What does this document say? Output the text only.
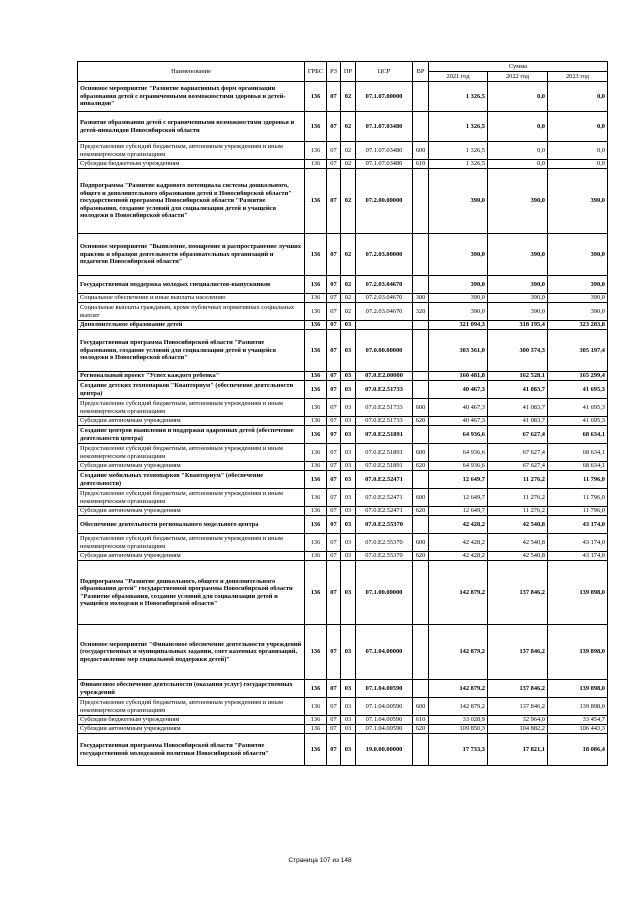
Наименование	ГРБС	РЗ	ПР	ЦСР	ВР	Сумма		
						2021 год	2022 год	2023 год
Основное мероприятие "Развитие вариативных форм организации образования детей с ограниченными возможностями здоровья и детей-инвалидов"	136	07	02	07.1.07.00000		1 326,5	0,0	0,0
Развитие образования детей с ограниченными возможностями здоровья и детей-инвалидов Новосибирской области	136	07	02	07.1.07.03480		1 326,5	0,0	0,0
Предоставление субсидий бюджетным, автономным учреждениям и иным некоммерческим организациям	136	07	02	07.1.07.03480	600	1 326,5	0,0	0,0
Субсидии бюджетным учреждениям	136	07	02	07.1.07.03480	610	1 326,5	0,0	0,0
Подпрограмма "Развитие кадрового потенциала системы дошкольного, общего и дополнительного образования детей в Новосибирской области" государственной программы Новосибирской области "Развитие образования, создание условий для социализации детей и учащейся молодежи в Новосибирской области"	136	07	02	07.2.00.00000		390,0	390,0	390,0
Основное мероприятие "Выявление, поощрение и распространение лучших практик и образцов деятельности образовательных организаций и педагогов Новосибирской области"	136	07	02	07.2.03.00000		390,0	390,0	390,0
Государственная поддержка молодых специалистов-выпускников	136	07	02	07.2.03.04670		390,0	390,0	390,0
Социальное обеспечение и иные выплаты населению	136	07	02	07.2.03.04670	300	390,0	390,0	390,0
Социальные выплаты гражданам, кроме публичных нормативных социальных выплат	136	07	02	07.2.03.04670	320	390,0	390,0	390,0
Дополнительное образование детей	136	07	03			321 094,3	318 195,4	323 283,8
Государственная программа Новосибирской области "Развитие образования, создание условий для социализации детей и учащейся молодежи в Новосибирской области"	136	07	03	07.0.00.00000		303 361,0	300 374,3	305 197,4
Региональный проект "Успех каждого ребенка"	136	07	03	07.0.E2.00000		160 481,8	162 528,1	165 299,4
Создание детских технопарков "Кванториум" (обеспечение деятельности центра)	136	07	03	07.0.E2.51733		40 467,3	41 083,7	41 695,3
Предоставление субсидий бюджетным, автономным учреждениям и иным некоммерческим организациям	136	07	03	07.0.E2.51733	600	40 467,3	41 083,7	41 695,3
Субсидии автономным учреждениям	136	07	03	07.0.E2.51733	620	40 467,3	41 083,7	41 695,3
Создание центров выявления и поддержки одаренных детей (обеспечение деятельности центра)	136	07	03	07.0.E2.51891		64 936,6	67 627,4	68 634,1
Предоставление субсидий бюджетным, автономным учреждениям и иным некоммерческим организациям	136	07	03	07.0.E2.51891	600	64 936,6	67 627,4	68 634,1
Субсидии автономным учреждениям	136	07	03	07.0.E2.51891	620	64 936,6	67 627,4	68 634,1
Создание мобильных технопарков "Кванториум" (обеспечение деятельности)	136	07	03	07.0.E2.52471		12 649,7	11 276,2	11 796,0
Предоставление субсидий бюджетным, автономным учреждениям и иным некоммерческим организациям	136	07	03	07.0.E2.52471	600	12 649,7	11 276,2	11 796,0
Субсидии автономным учреждениям	136	07	03	07.0.E2.52471	620	12 649,7	11 276,2	11 796,0
Обеспечение деятельности регионального модельного центра	136	07	03	07.0.E2.55370		42 428,2	42 540,8	43 174,0
Предоставление субсидий бюджетным, автономным учреждениям и иным некоммерческим организациям	136	07	03	07.0.E2.55370	600	42 428,2	42 540,8	43 174,0
Субсидии автономным учреждениям	136	07	03	07.0.E2.55370	620	42 428,2	42 540,8	43 174,0
Подпрограмма "Развитие дошкольного, общего и дополнительного образования детей" государственной программы Новосибирской области "Развитие образования, создание условий для социализации детей и учащейся молодежи в Новосибирской области"	136	07	03	07.1.00.00000		142 879,2	137 846,2	139 898,0
Основное мероприятие "Финансовое обеспечение деятельности учреждений (государственных и муниципальных задании, смет казенных организаций, предоставление мер социальной поддержки детей)"	136	07	03	07.1.04.00000		142 879,2	137 846,2	139 898,0
Финансовое обеспечение деятельности (оказания услуг) государственных учреждений	136	07	03	07.1.04.00590		142 879,2	137 846,2	139 898,0
Предоставление субсидий бюджетным, автономным учреждениям и иным некоммерческим организациям	136	07	03	07.1.04.00590	600	142 879,2	137 846,2	139 898,0
Субсидии бюджетным учреждениям	136	07	03	07.1.04.00590	610	33 028,9	32 964,0	33 454,7
Субсидии автономным учреждениям	136	07	03	07.1.04.00590	620	109 850,3	104 882,2	106 443,3
Государственная программа Новосибирской области "Развитие государственной молодежной политики Новосибирской области"	136	07	03	19.0.00.00000		17 733,3	17 821,1	18 086,4
Страница 107 из 148
